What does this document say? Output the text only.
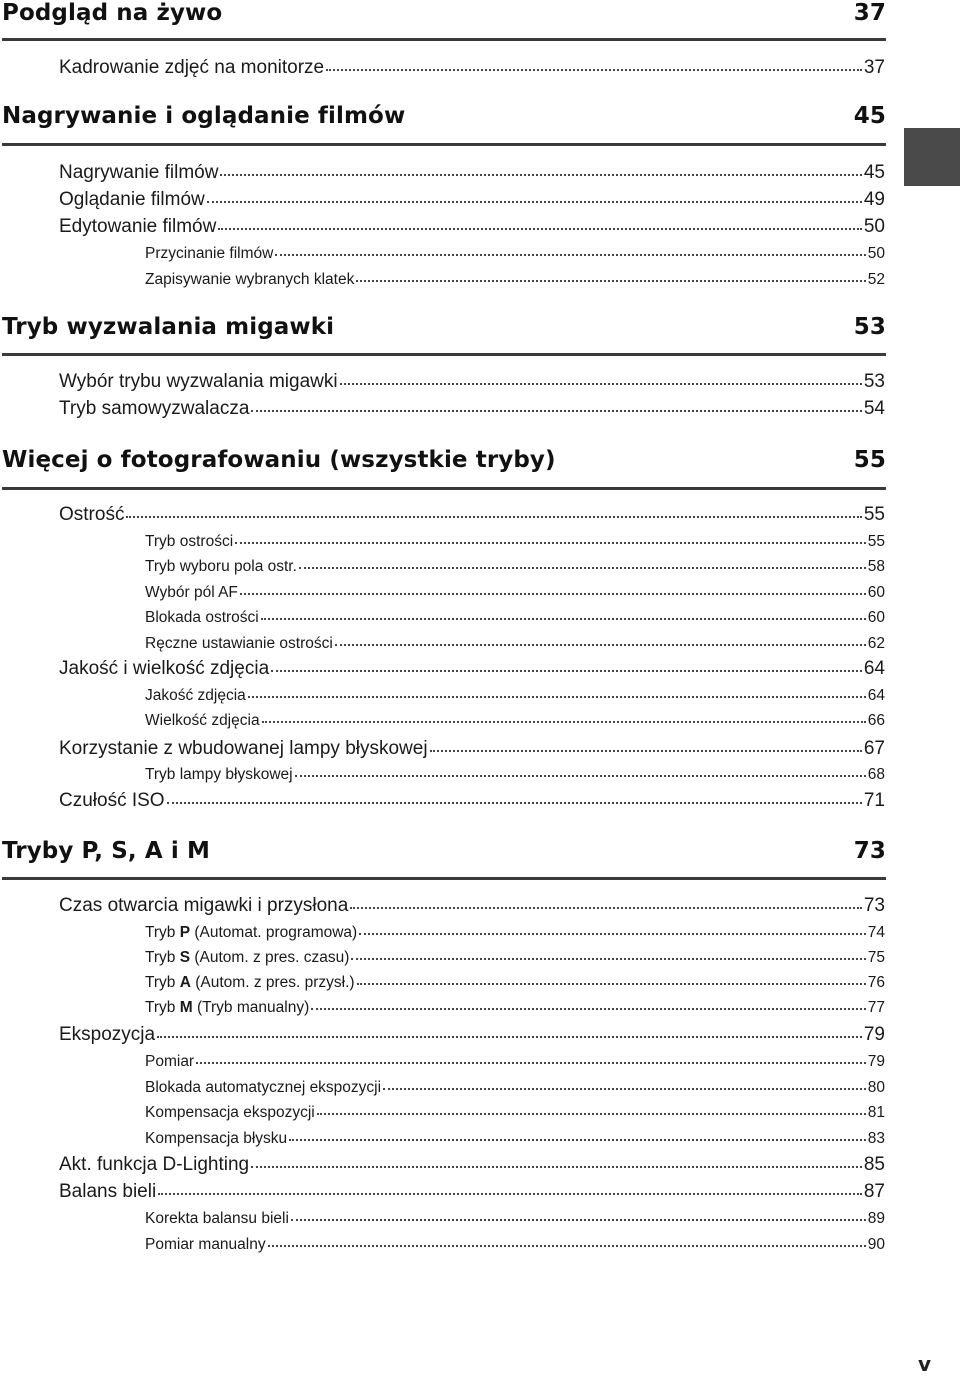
Podgląd na żywo	37
Kadrowanie zdjęć na monitorze	37
Nagrywanie i oglądanie filmów	45
Nagrywanie filmów	45
Oglądanie filmów	49
Edytowanie filmów	50
Przycinanie filmów	50
Zapisywanie wybranych klatek	52
Tryb wyzwalania migawki	53
Wybór trybu wyzwalania migawki	53
Tryb samowyzwalacza	54
Więcej o fotografowaniu (wszystkie tryby)	55
Ostrość	55
Tryb ostrości	55
Tryb wyboru pola ostr.	58
Wybór pól AF	60
Blokada ostrości	60
Ręczne ustawianie ostrości	62
Jakość i wielkość zdjęcia	64
Jakość zdjęcia	64
Wielkość zdjęcia	66
Korzystanie z wbudowanej lampy błyskowej	67
Tryb lampy błyskowej	68
Czułość ISO	71
Tryby P, S, A i M	73
Czas otwarcia migawki i przysłona	73
Tryb P (Automat. programowa)	74
Tryb S (Autom. z pres. czasu)	75
Tryb A (Autom. z pres. przysł.)	76
Tryb M (Tryb manualny)	77
Ekspozycja	79
Pomiar	79
Blokada automatycznej ekspozycji	80
Kompensacja ekspozycji	81
Kompensacja błysku	83
Akt. funkcja D-Lighting	85
Balans bieli	87
Korekta balansu bieli	89
Pomiar manualny	90
v
